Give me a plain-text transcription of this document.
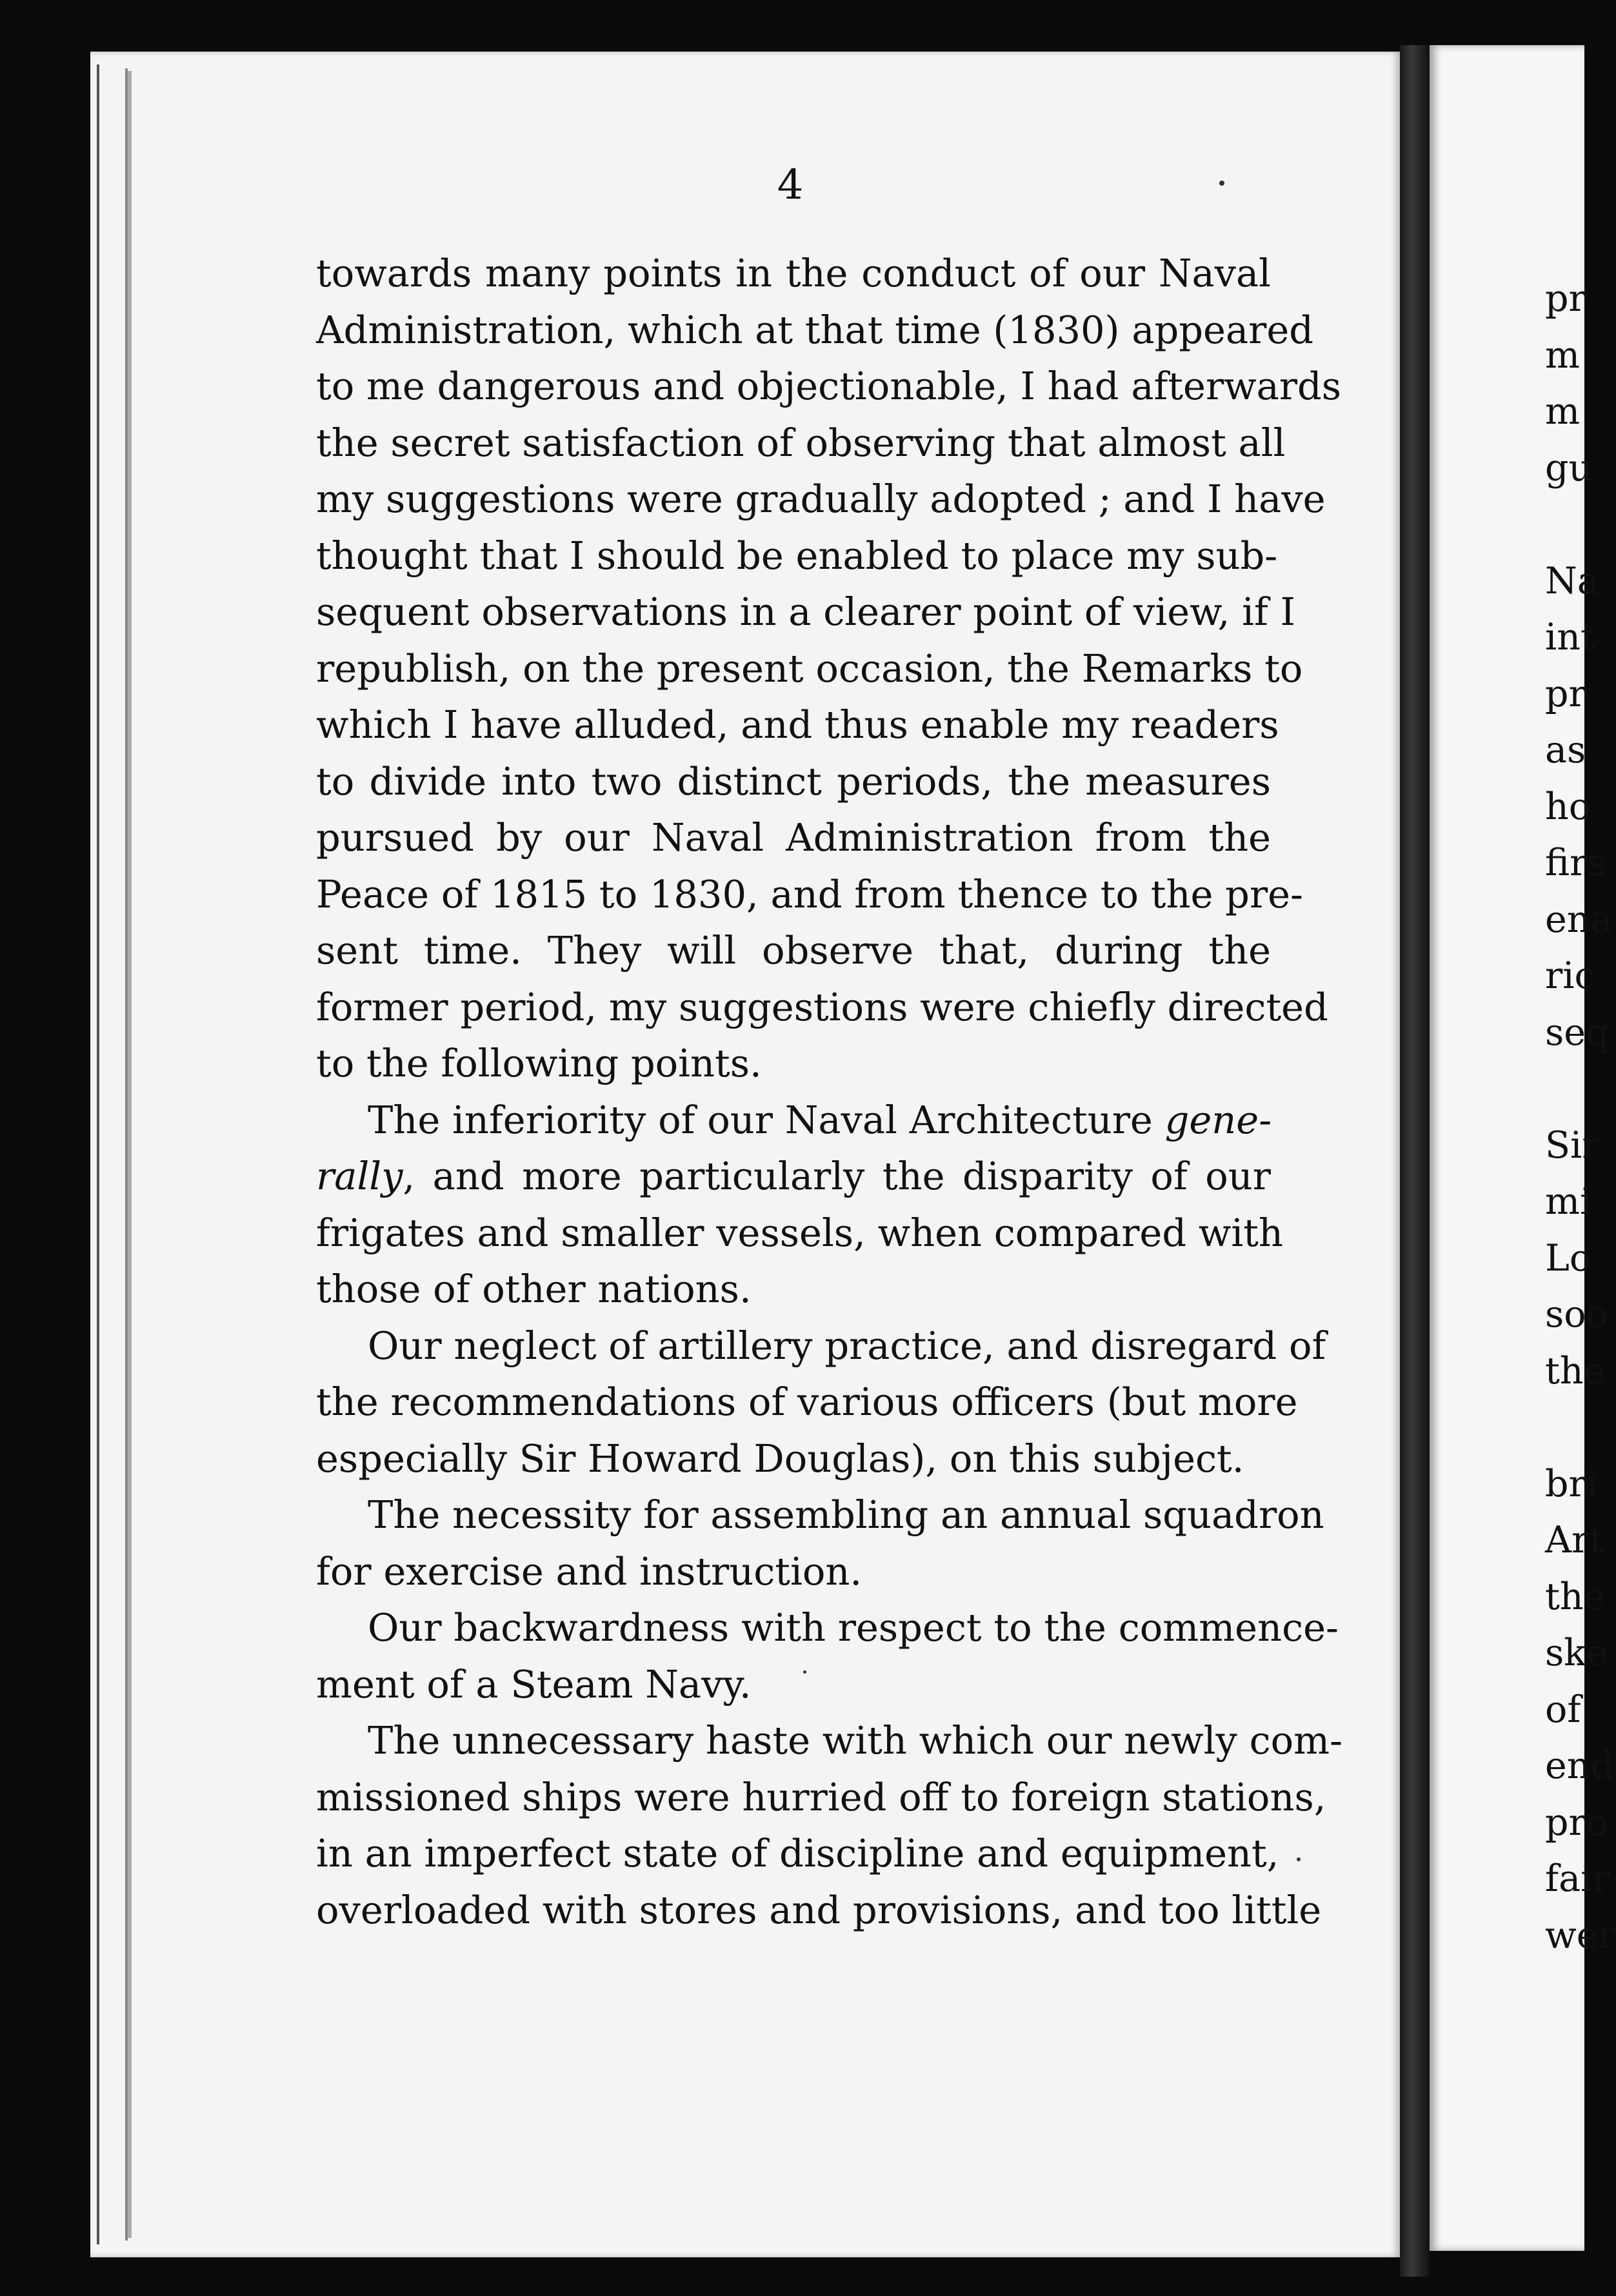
4
towards many points in the conduct of our Naval
Administration, which at that time (1830) appeared
to me dangerous and objectionable, I had afterwards
the secret satisfaction of observing that almost all
my suggestions were gradually adopted ; and I have
thought that I should be enabled to place my sub-
sequent observations in a clearer point of view, if I
republish, on the present occasion, the Remarks to
which I have alluded, and thus enable my readers
to divide into two distinct periods, the measures
pursued by our Naval Administration from the
Peace of 1815 to 1830, and from thence to the pre-
sent time. They will observe that, during the
former period, my suggestions were chiefly directed
to the following points.
The inferiority of our Naval Architecture gene-
rally, and more particularly the disparity of our
frigates and smaller vessels, when compared with
those of other nations.
Our neglect of artillery practice, and disregard of
the recommendations of various officers (but more
especially Sir Howard Douglas), on this subject.
The necessity for assembling an annual squadron
for exercise and instruction.
Our backwardness with respect to the commence-
ment of a Steam Navy.
The unnecessary haste with which our newly com-
missioned ships were hurried off to foreign stations,
in an imperfect state of discipline and equipment,
overloaded with stores and provisions, and too little
pr
m
m
gu
Na
int
pr
as
ho
firs
ena
ric
seq
Sir
mi
Lo
soo
the
bri
Art
the
ske
of
end
pro
fair
wer
